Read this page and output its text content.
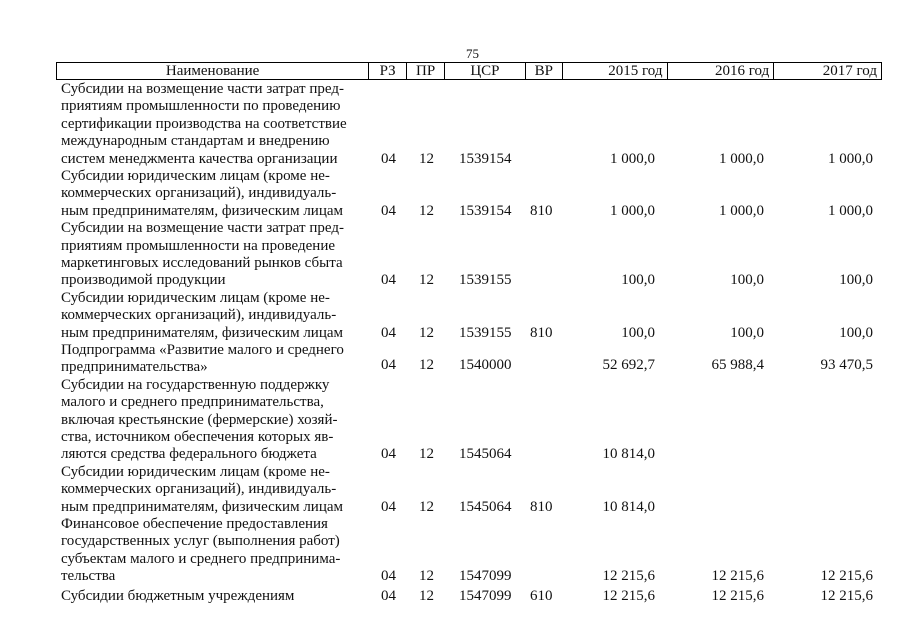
75
Наименование	РЗ	ПР	ЦСР	ВР	2015 год	2016 год	2017 год
Субсидии на возмещение части затрат пред-
приятиям промышленности по проведению
сертификации производства на соответствие
международным стандартам и внедрению
систем менеджмента качества организации	04 12 1539154	1 000,0	1 000,0	1 000,0
Субсидии юридическим лицам (кроме не-
коммерческих организаций), индивидуаль-
ным предпринимателям, физическим лицам	04 12 1539154 810	1 000,0	1 000,0	1 000,0
Субсидии на возмещение части затрат пред-
приятиям промышленности на проведение
маркетинговых исследований рынков сбыта
производимой продукции	04 12 1539155	100,0	100,0	100,0
Субсидии юридическим лицам (кроме не-
коммерческих организаций), индивидуаль-
ным предпринимателям, физическим лицам	04 12 1539155 810	100,0	100,0	100,0
Подпрограмма «Развитие малого и среднего
предпринимательства»	04 12 1540000	52 692,7	65 988,4	93 470,5
Субсидии на государственную поддержку
малого и среднего предпринимательства,
включая крестьянские (фермерские) хозяй-
ства, источником обеспечения которых яв-
ляются средства федерального бюджета	04 12 1545064	10 814,0
Субсидии юридическим лицам (кроме не-
коммерческих организаций), индивидуаль-
ным предпринимателям, физическим лицам	04 12 1545064 810	10 814,0
Финансовое обеспечение предоставления
государственных услуг (выполнения работ)
субъектам малого и среднего предпринима-
тельства	04 12 1547099	12 215,6	12 215,6	12 215,6
Субсидии бюджетным учреждениям	04 12 1547099 610	12 215,6	12 215,6	12 215,6
